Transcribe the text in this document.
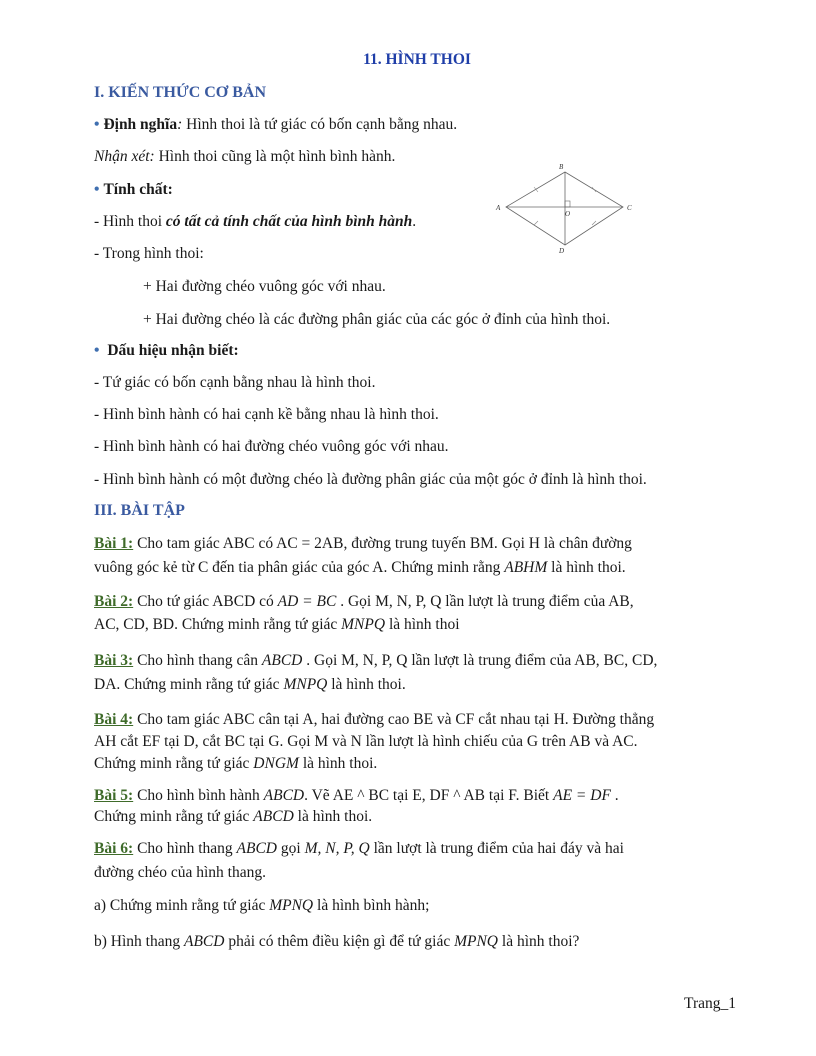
11. HÌNH THOI
I. KIẾN THỨC CƠ BẢN
• Định nghĩa: Hình thoi là tứ giác có bốn cạnh bằng nhau.
Nhận xét: Hình thoi cũng là một hình bình hành.
• Tính chất:
- Hình thoi có tất cả tính chất của hình bình hành.
- Trong hình thoi:
+ Hai đường chéo vuông góc với nhau.
+ Hai đường chéo là các đường phân giác của các góc ở đỉnh của hình thoi.
A
B
C
D
O
• Dấu hiệu nhận biết:
- Tứ giác có bốn cạnh bằng nhau là hình thoi.
- Hình bình hành có hai cạnh kề bằng nhau là hình thoi.
- Hình bình hành có hai đường chéo vuông góc với nhau.
- Hình bình hành có một đường chéo là đường phân giác của một góc ở đỉnh là hình thoi.
III. BÀI TẬP
Bài 1: Cho tam giác ABC có AC = 2AB, đường trung tuyến BM. Gọi H là chân đường
vuông góc kẻ từ C đến tia phân giác của góc A. Chứng minh rằng ABHM là hình thoi.
Bài 2: Cho tứ giác ABCD có AD = BC . Gọi M, N, P, Q lần lượt là trung điểm của AB,
AC, CD, BD. Chứng minh rằng tứ giác MNPQ là hình thoi
Bài 3: Cho hình thang cân ABCD . Gọi M, N, P, Q lần lượt là trung điểm của AB, BC, CD,
DA. Chứng minh rằng tứ giác MNPQ là hình thoi.
Bài 4: Cho tam giác ABC cân tại A, hai đường cao BE và CF cắt nhau tại H. Đường thẳng
AH cắt EF tại D, cắt BC tại G. Gọi M và N lần lượt là hình chiếu của G trên AB và AC.
Chứng minh rằng tứ giác DNGM là hình thoi.
Bài 5: Cho hình bình hành ABCD. Vẽ AE ^ BC tại E, DF ^ AB tại F. Biết AE = DF .
Chứng minh rằng tứ giác ABCD là hình thoi.
Bài 6: Cho hình thang ABCD gọi M, N, P, Q lần lượt là trung điểm của hai đáy và hai
đường chéo của hình thang.
a) Chứng minh rằng tứ giác MPNQ là hình bình hành;
b) Hình thang ABCD phải có thêm điều kiện gì để tứ giác MPNQ là hình thoi?
Trang_1
